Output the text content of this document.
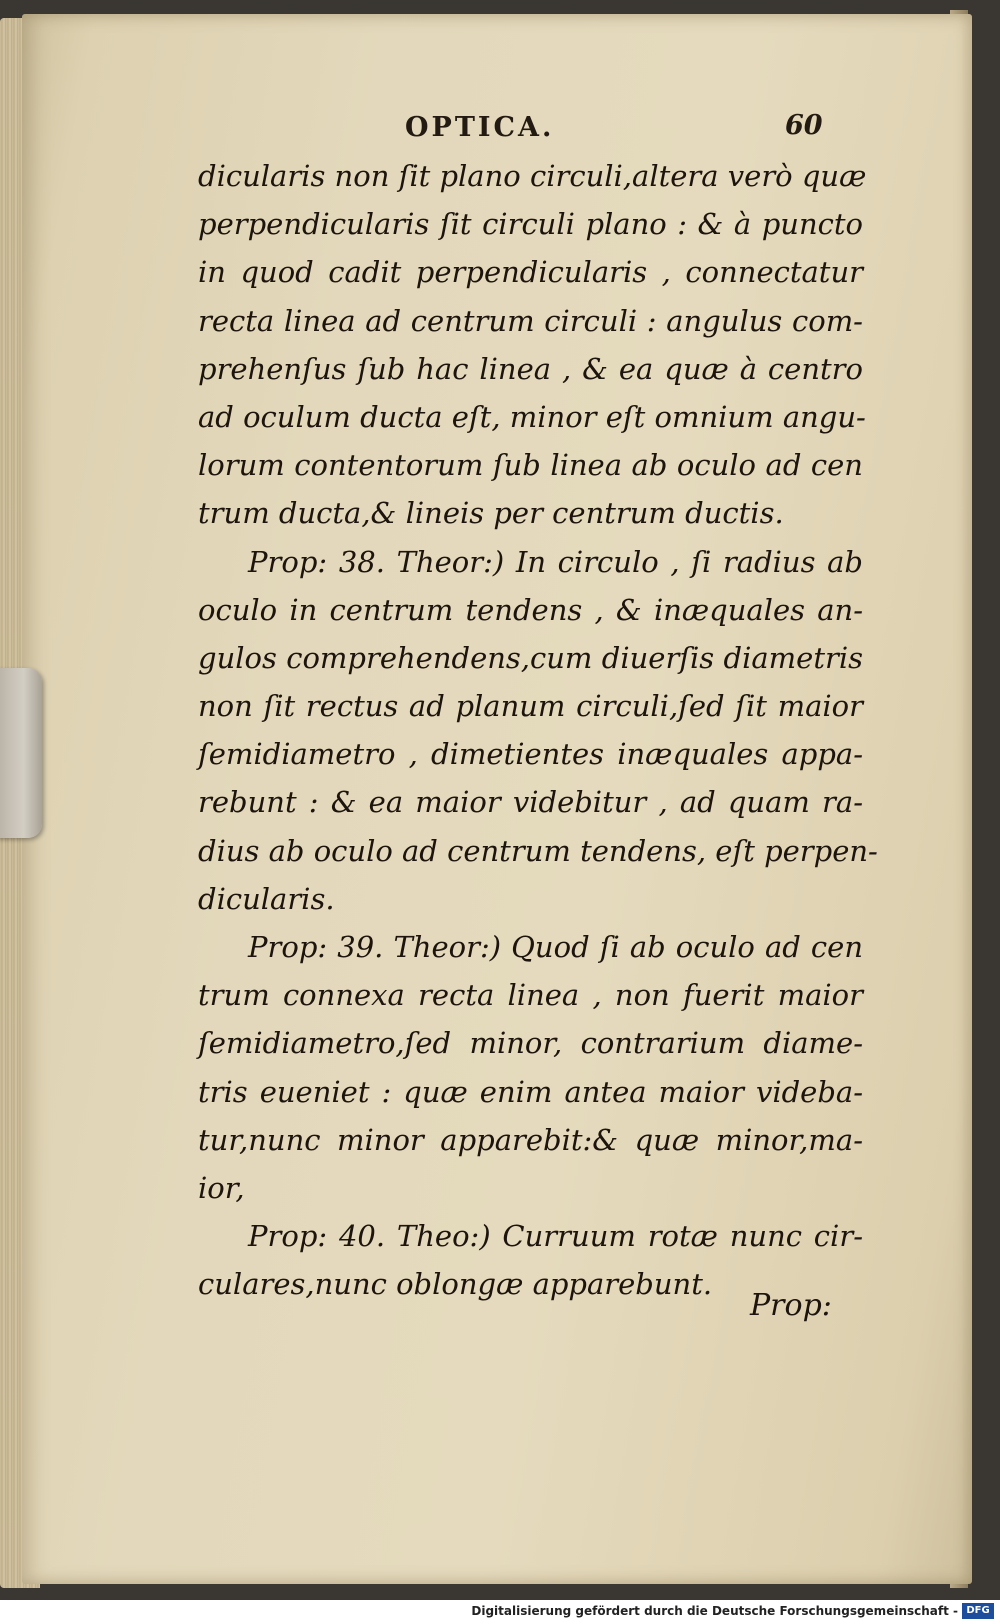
OPTICA.	60
dicularis non ſit plano circuli,altera verò quæ
perpendicularis ſit circuli plano : & à puncto
in quod cadit perpendicularis , connectatur
recta linea ad centrum circuli : angulus com-
prehenſus ſub hac linea , & ea quæ à centro
ad oculum ducta eſt, minor eſt omnium angu-
lorum contentorum ſub linea ab oculo ad cen
trum ducta,& lineis per centrum ductis.
Prop: 38. Theor:) In circulo , ſi radius ab
oculo in centrum tendens , & inæquales an-
gulos comprehendens,cum diuerſis diametris
non ſit rectus ad planum circuli,ſed ſit maior
ſemidiametro , dimetientes inæquales appa-
rebunt : & ea maior videbitur , ad quam ra-
dius ab oculo ad centrum tendens, eſt perpen-
dicularis.
Prop: 39. Theor:) Quod ſi ab oculo ad cen
trum connexa recta linea , non fuerit maior
ſemidiametro,ſed minor, contrarium diame-
tris eueniet : quæ enim antea maior videba-
tur,nunc minor apparebit:& quæ minor,ma-
ior,
Prop: 40. Theo:) Curruum rotæ nunc cir-
culares,nunc oblongæ apparebunt.
Prop:
Digitalisierung gefördert durch die Deutsche Forschungsgemeinschaft - DFG
